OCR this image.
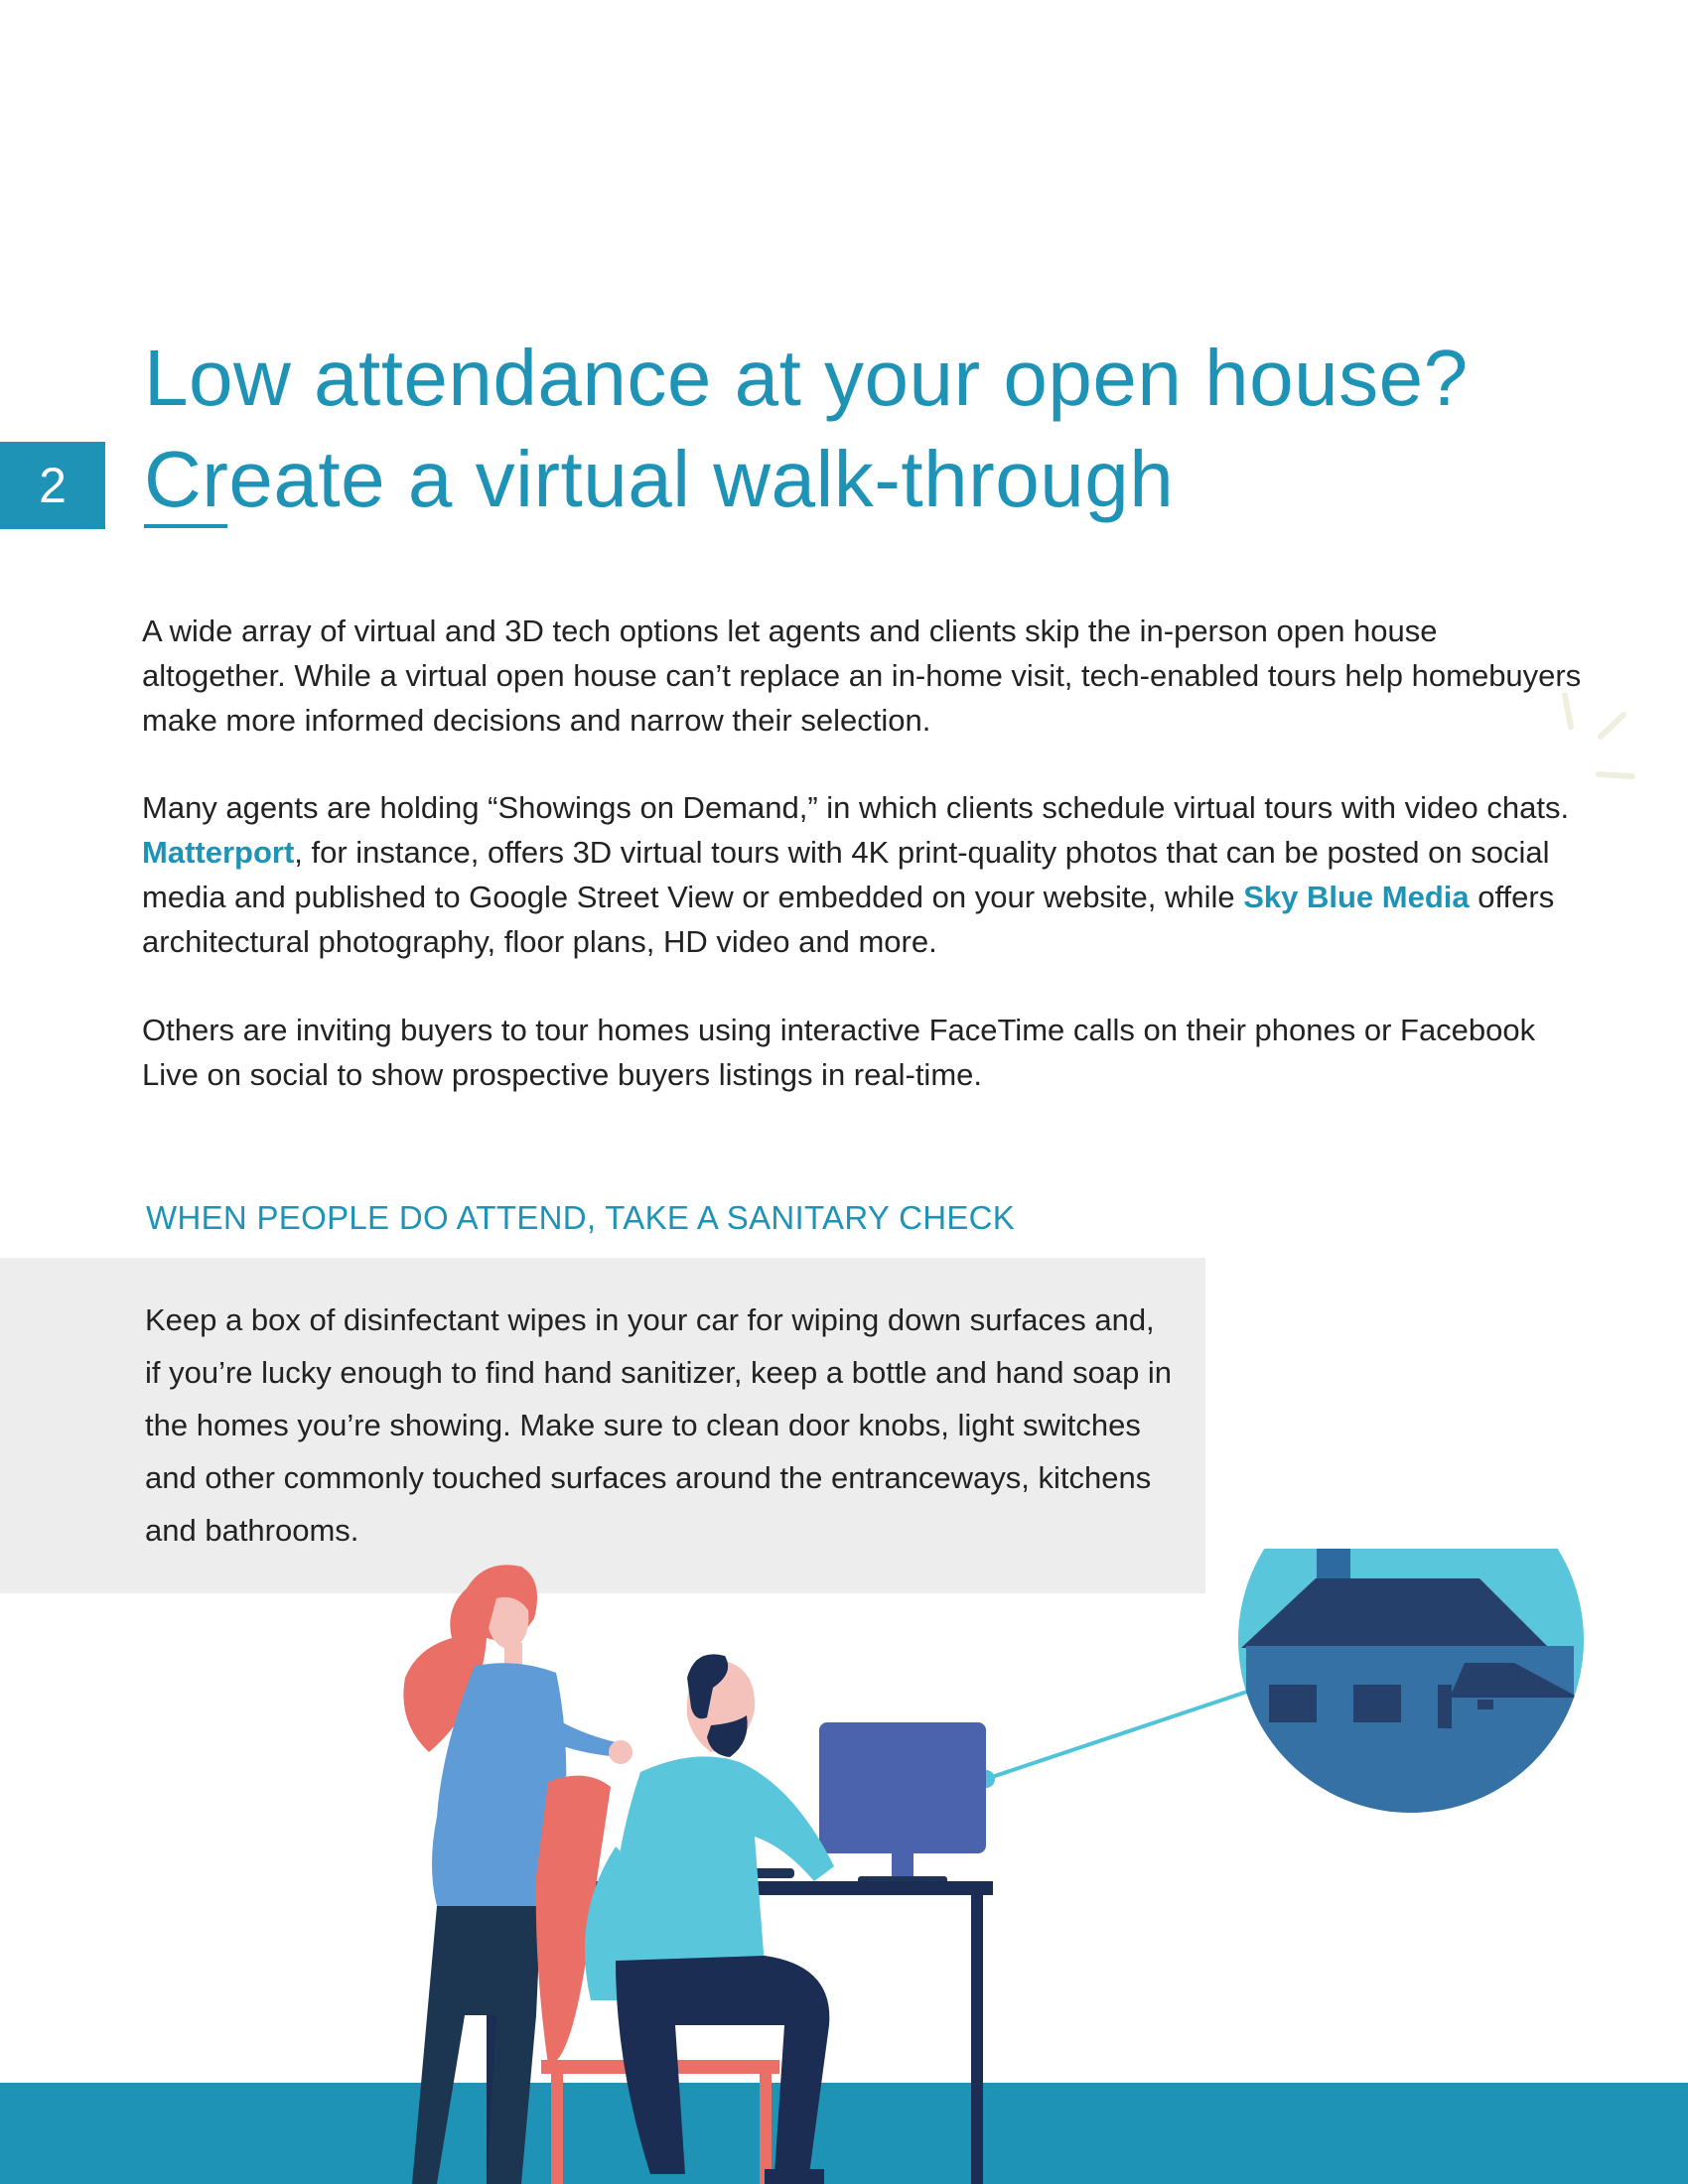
2
Low attendance at your open house?
Create a virtual walk-through

A wide array of virtual and 3D tech options let agents and clients skip the in-person open house altogether. While a virtual open house can’t replace an in-home visit, tech-enabled tours help homebuyers make more informed decisions and narrow their selection.

Many agents are holding “Showings on Demand,” in which clients schedule virtual tours with video chats. Matterport, for instance, offers 3D virtual tours with 4K print-quality photos that can be posted on social media and published to Google Street View or embedded on your website, while Sky Blue Media offers architectural photography, floor plans, HD video and more.

Others are inviting buyers to tour homes using interactive FaceTime calls on their phones or Facebook Live on social to show prospective buyers listings in real-time.

WHEN PEOPLE DO ATTEND, TAKE A SANITARY CHECK

Keep a box of disinfectant wipes in your car for wiping down surfaces and, if you’re lucky enough to find hand sanitizer, keep a bottle and hand soap in the homes you’re showing. Make sure to clean door knobs, light switches and other commonly touched surfaces around the entranceways, kitchens and bathrooms.
